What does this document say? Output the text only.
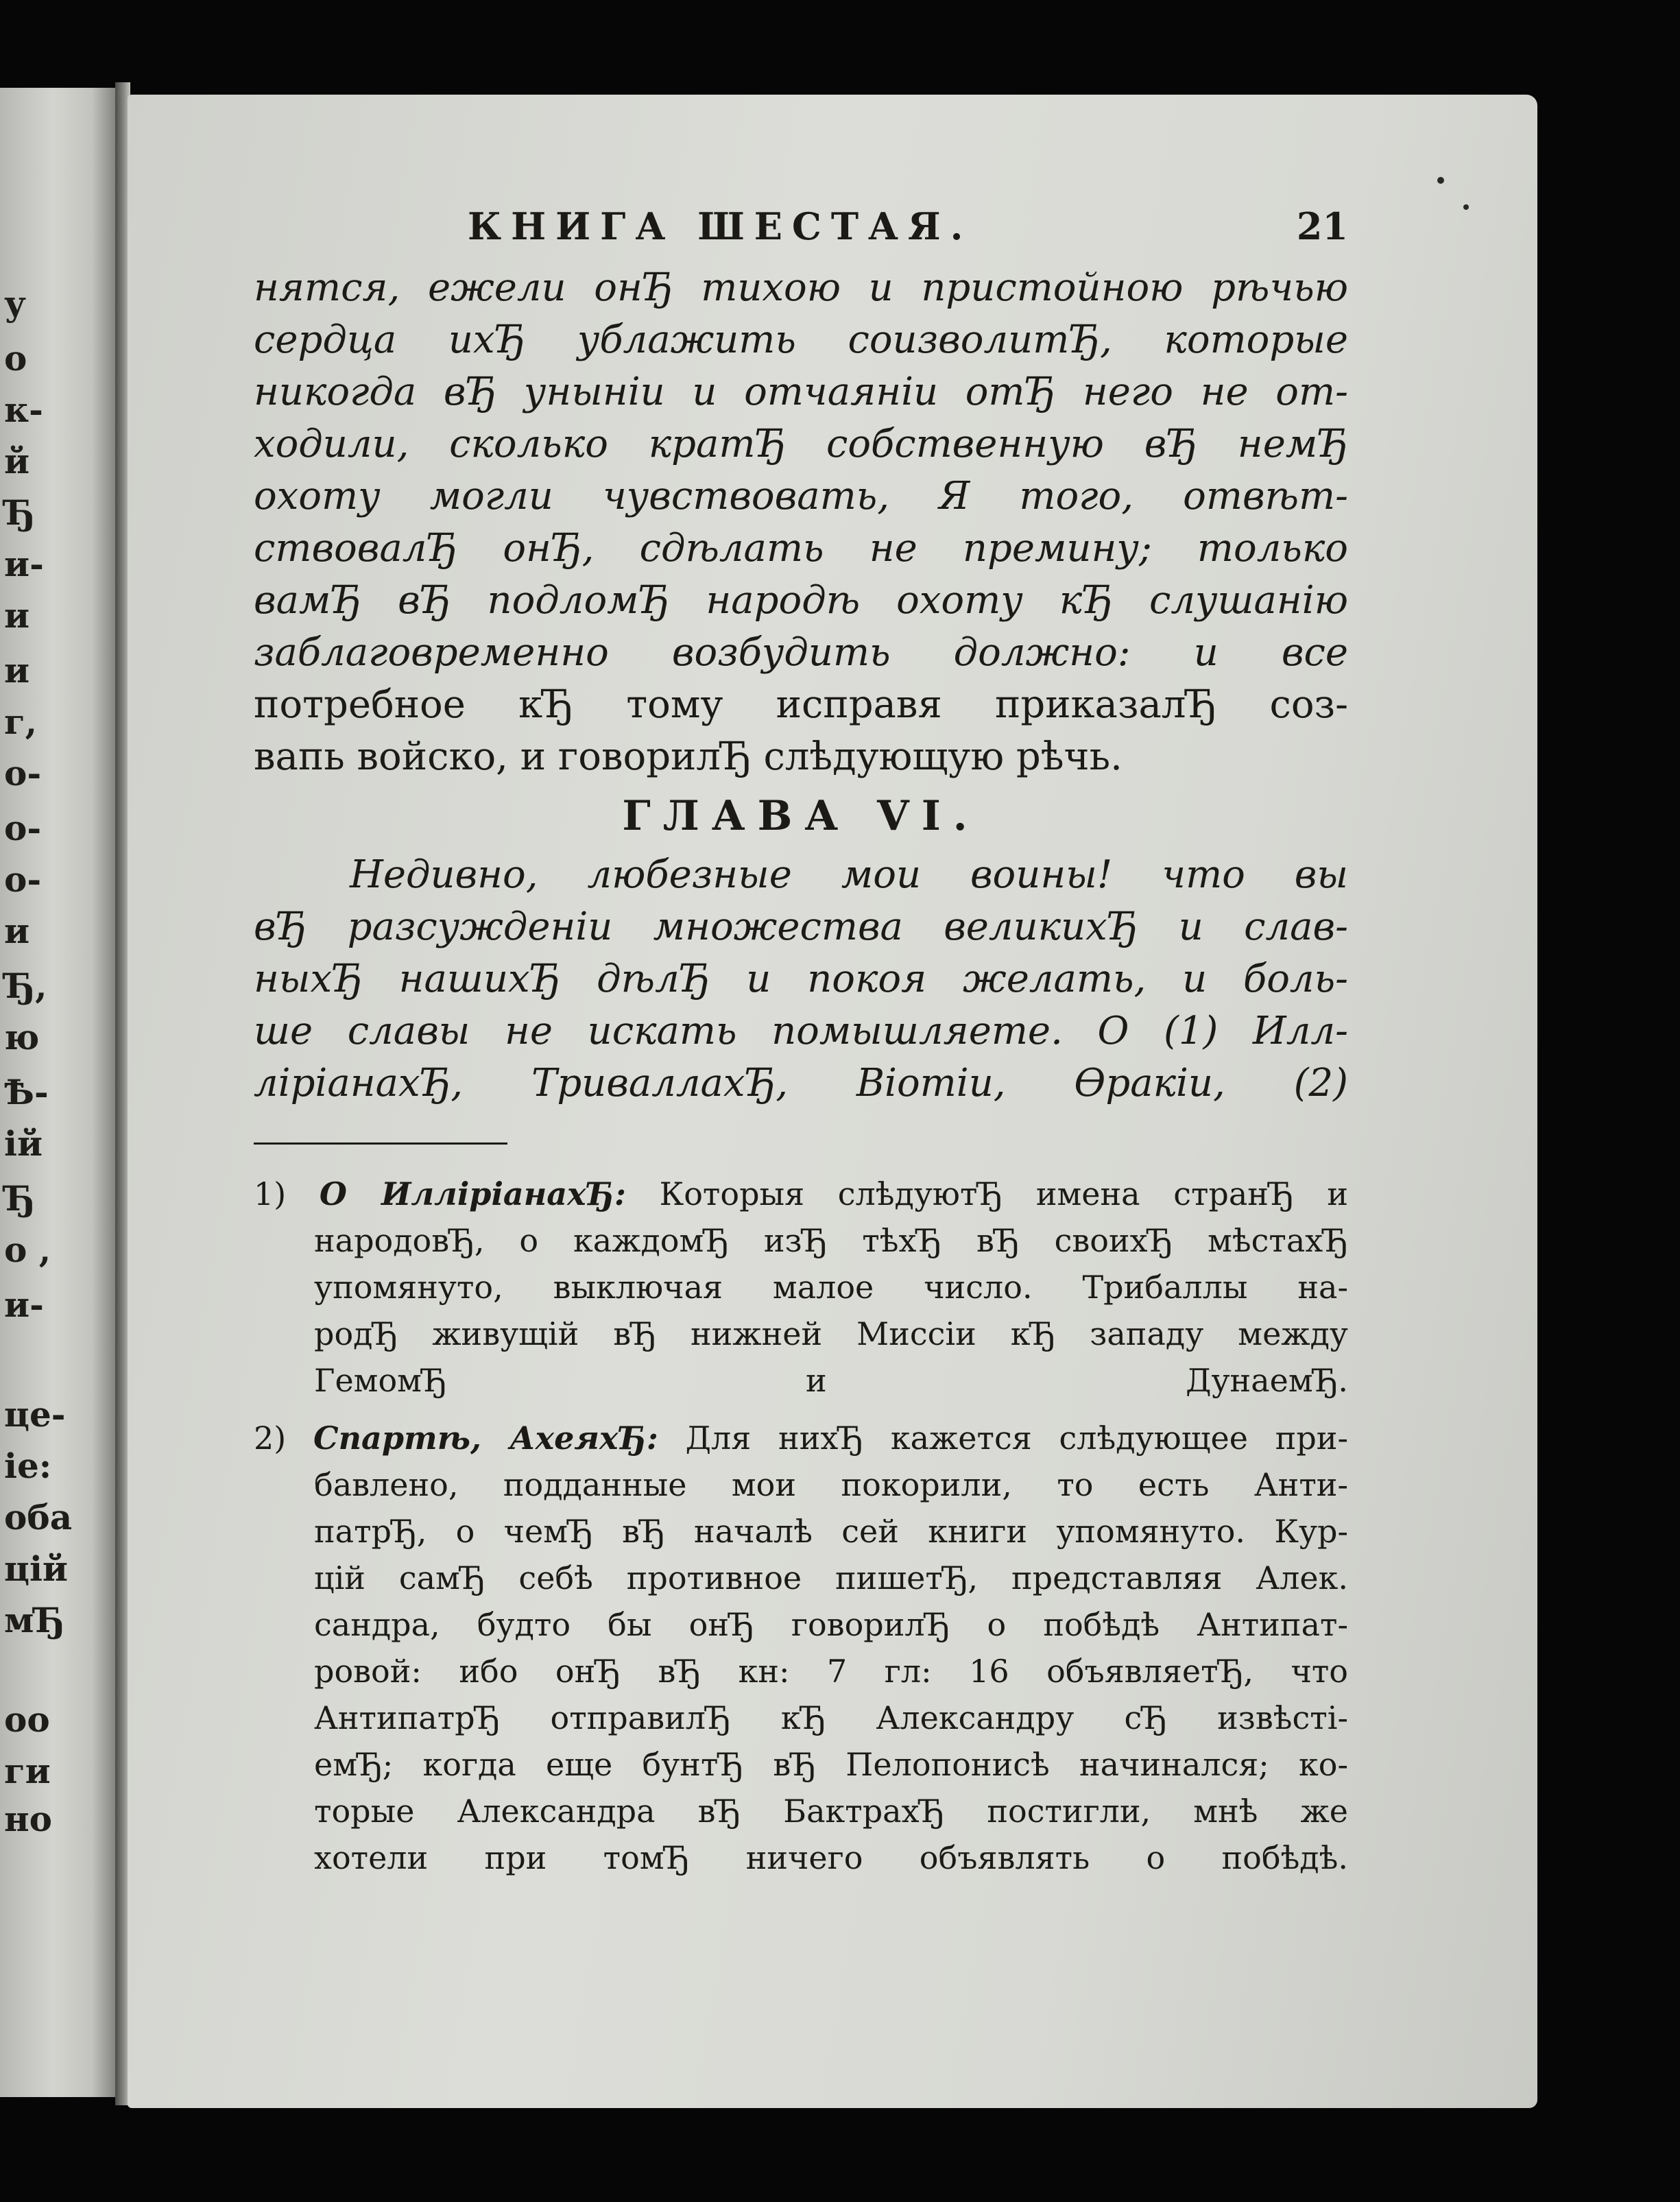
у
о
к-
й
Ђ
и-
и
и
г,
о-
о-
о-
и
Ђ,
ю
Ѣ-
ій
Ђ
о ,
и-
це-
іе:
оба
цій
мЂ
оо
ги
но
КНИГА ШЕСТАЯ.	21
нятся, ежели онЂ тихою и пристойною рѣчью
сердца ихЂ ублажить соизволитЂ, которые
никогда вЂ уныніи и отчаяніи отЂ него не от-
ходили, сколько кратЂ собственную вЂ немЂ
охоту могли чувствовать, Я того, отвѣт-
ствовалЂ онЂ, сдѣлать не премину; только
вамЂ вЂ подломЂ народѣ охоту кЂ слушанію
заблаговременно возбудить должно: и все
потребное кЂ тому исправя приказалЂ соз-
вапь войско, и говорилЂ слѣдующую рѣчь.
ГЛАВА VI.
Недивно, любезные мои воины! что вы
вЂ разсужденіи множества великихЂ и слав-
ныхЂ нашихЂ дѣлЂ и покоя желать, и боль-
ше славы не искать помышляете. О (1) Илл-
ліріанахЂ, ТриваллахЂ, Віотіи, Ѳракіи, (2)
1) О ИлліріанахЂ: Которыя слѣдуютЂ имена странЂ и
народовЂ, о каждомЂ изЂ тѣхЂ вЂ своихЂ мѣстахЂ
упомянуто, выключая малое число. Трибаллы на-
родЂ живущій вЂ нижней Миссіи кЂ западу между
ГемомЂ и ДунаемЂ.
2) Спартѣ, АхеяхЂ: Для нихЂ кажется слѣдующее при-
бавлено, подданные мои покорили, то есть Анти-
патрЂ, о чемЂ вЂ началѣ сей книги упомянуто. Кур-
цій самЂ себѣ противное пишетЂ, представляя Алек.
сандра, будто бы онЂ говорилЂ о побѣдѣ Антипат-
ровой: ибо онЂ вЂ кн: 7 гл: 16 объявляетЂ, что
АнтипатрЂ отправилЂ кЂ Александру сЂ извѣсті-
емЂ; когда еще бунтЂ вЂ Пелопонисѣ начинался; ко-
торые Александра вЂ БактрахЂ постигли, мнѣ же
хотели при томЂ ничего объявлять о побѣдѣ.
